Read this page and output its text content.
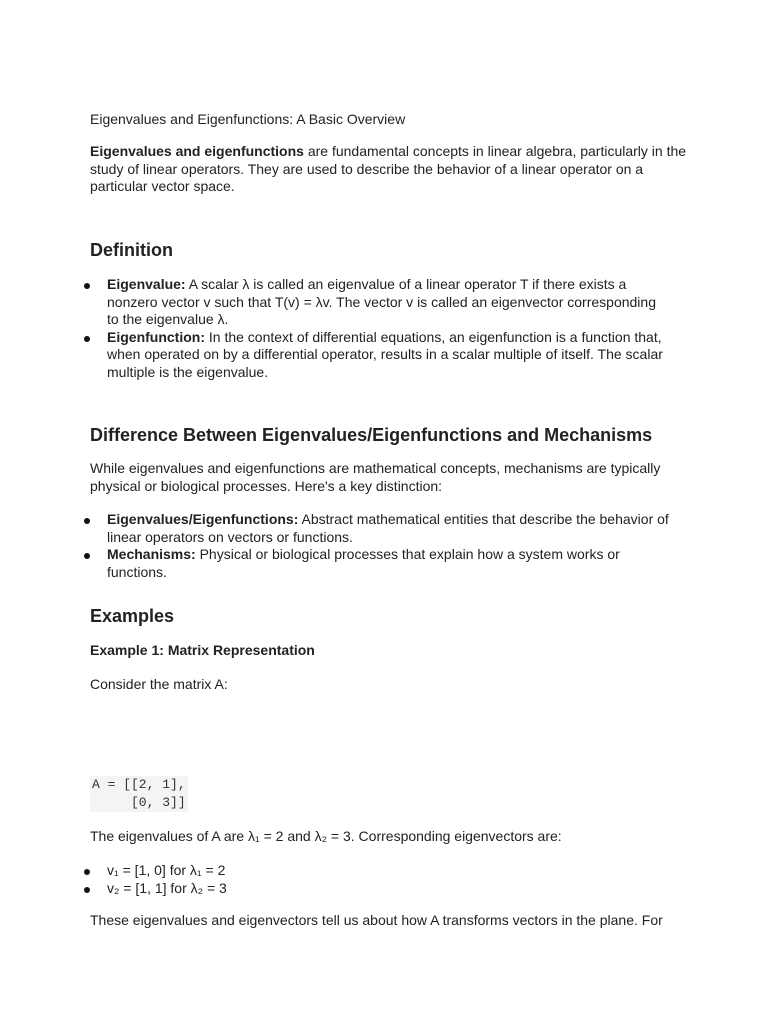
Eigenvalues and Eigenfunctions: A Basic Overview

Eigenvalues and eigenfunctions are fundamental concepts in linear algebra, particularly in the study of linear operators. They are used to describe the behavior of a linear operator on a particular vector space.

Definition
Eigenvalue: A scalar λ is called an eigenvalue of a linear operator T if there exists a nonzero vector v such that T(v) = λv. The vector v is called an eigenvector corresponding to the eigenvalue λ.
Eigenfunction: In the context of differential equations, an eigenfunction is a function that, when operated on by a differential operator, results in a scalar multiple of itself. The scalar multiple is the eigenvalue.
Difference Between Eigenvalues/Eigenfunctions and Mechanisms

While eigenvalues and eigenfunctions are mathematical concepts, mechanisms are typically physical or biological processes. Here's a key distinction:

Eigenvalues/Eigenfunctions: Abstract mathematical entities that describe the behavior of linear operators on vectors or functions.
Mechanisms: Physical or biological processes that explain how a system works or functions.
Examples

Example 1: Matrix Representation

Consider the matrix A:

A = [[2, 1],
[0, 3]]

The eigenvalues of A are λ₁ = 2 and λ₂ = 3. Corresponding eigenvectors are:

v₁ = [1, 0] for λ₁ = 2
v₂ = [1, 1] for λ₂ = 3

These eigenvalues and eigenvectors tell us about how A transforms vectors in the plane. For
